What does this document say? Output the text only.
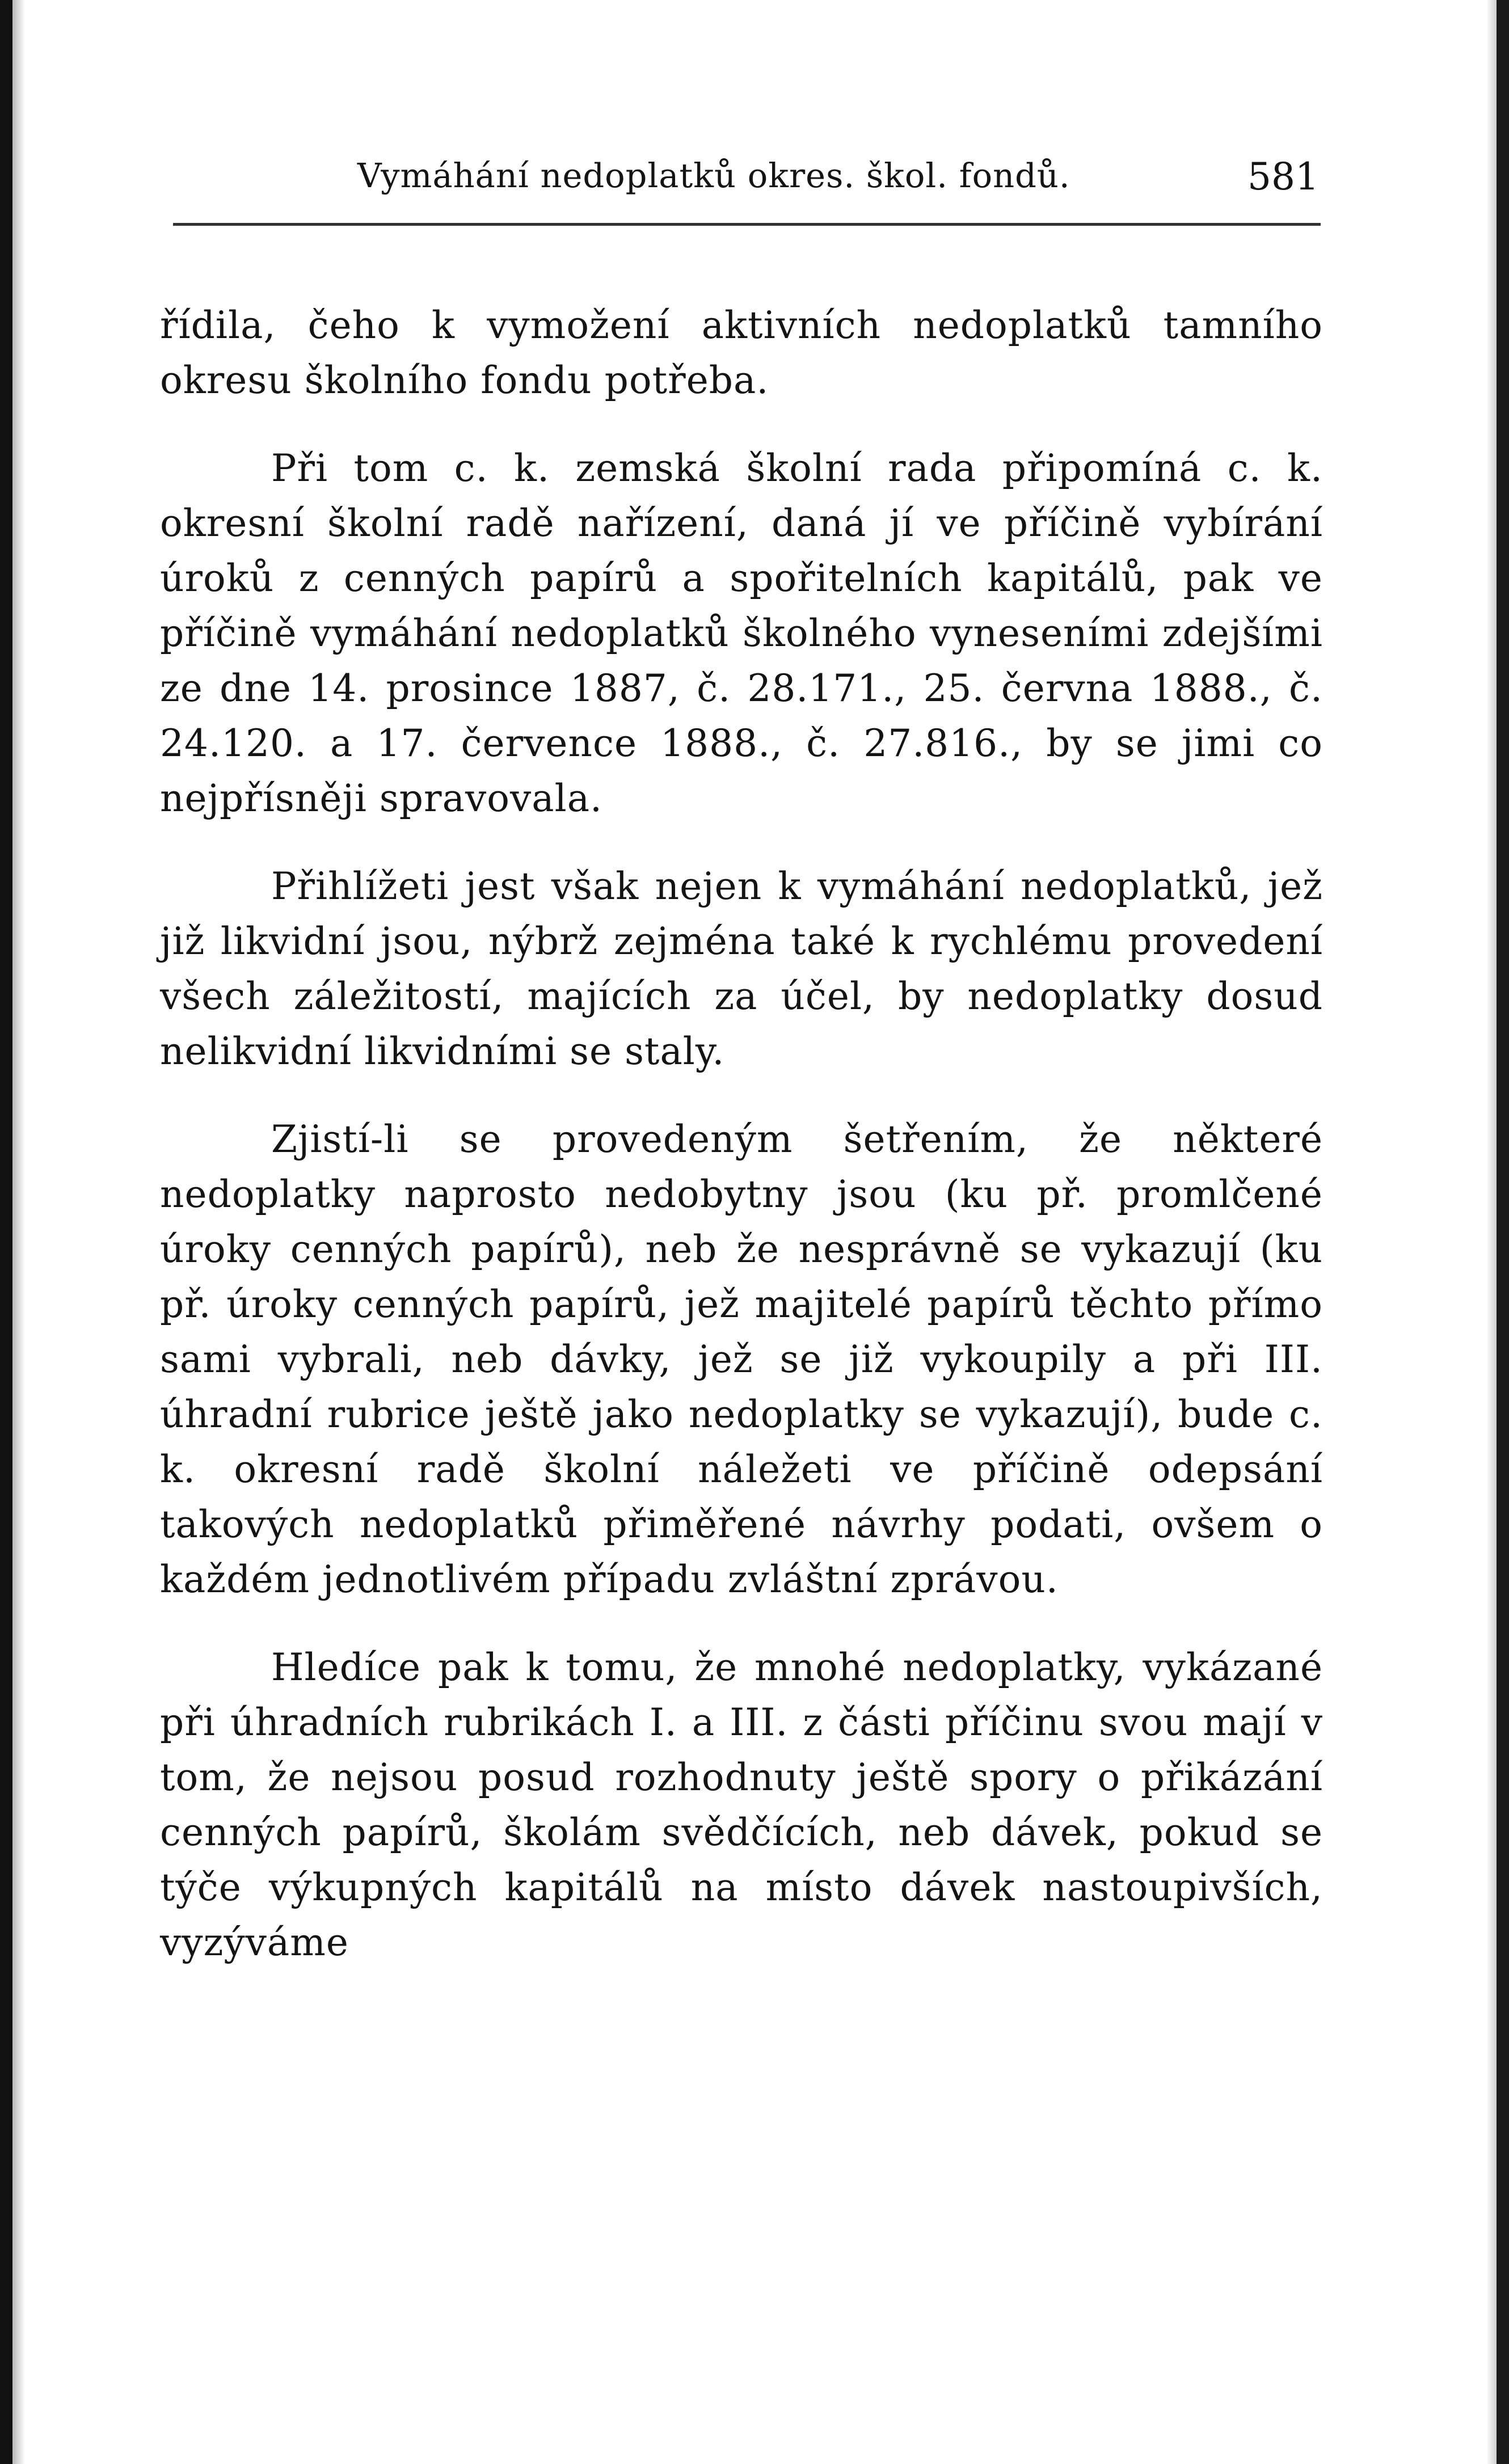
Vymáhání nedoplatků okres. škol. fondů.	581

řídila, čeho k vymožení aktivních nedoplatků tamního okresu školního fondu potřeba.

Při tom c. k. zemská školní rada připomíná c. k. okresní školní radě nařízení, daná jí ve příčině vybírání úroků z cenných papírů a spořitelních kapitálů, pak ve příčině vymáhání nedoplatků školného vyneseními zdejšími ze dne 14. prosince 1887, č. 28.171., 25. června 1888., č. 24.120. a 17. července 1888., č. 27.816., by se jimi co nejpřísněji spravovala.

Přihlížeti jest však nejen k vymáhání nedoplatků, jež již likvidní jsou, nýbrž zejména také k rychlému provedení všech záležitostí, majících za účel, by nedoplatky dosud nelikvidní likvidními se staly.

Zjistí-li se provedeným šetřením, že některé nedoplatky naprosto nedobytny jsou (ku př. promlčené úroky cenných papírů), neb že nesprávně se vykazují (ku př. úroky cenných papírů, jež majitelé papírů těchto přímo sami vybrali, neb dávky, jež se již vykoupily a při III. úhradní rubrice ještě jako nedoplatky se vykazují), bude c. k. okresní radě školní náležeti ve příčině odepsání takových nedoplatků přiměřené návrhy podati, ovšem o každém jednotlivém případu zvláštní zprávou.

Hledíce pak k tomu, že mnohé nedoplatky, vykázané při úhradních rubrikách I. a III. z části příčinu svou mají v tom, že nejsou posud rozhodnuty ještě spory o přikázání cenných papírů, školám svědčících, neb dávek, pokud se týče výkupných kapitálů na místo dávek nastoupivších, vyzýváme
